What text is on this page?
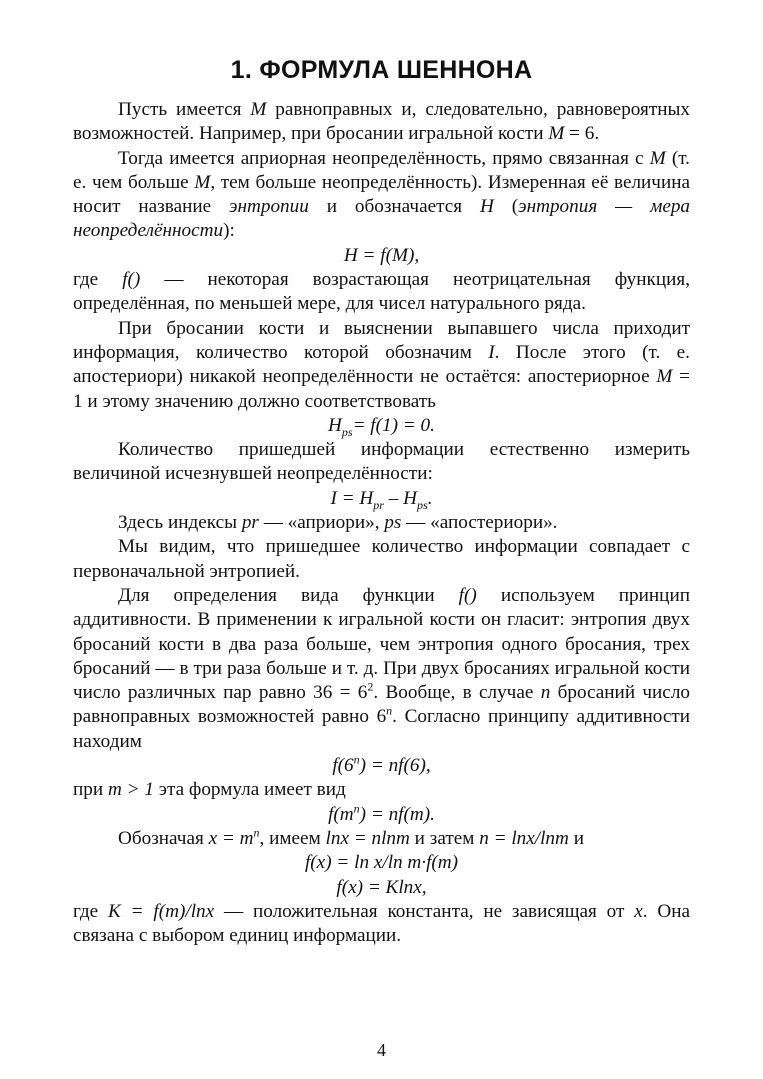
1. ФОРМУЛА ШЕННОНА

Пусть имеется M равноправных и, следовательно, равновероятных возможностей. Например, при бросании игральной кости M = 6.

Тогда имеется априорная неопределённость, прямо связанная с M (т. е. чем больше M, тем больше неопределённость). Измеренная её величина носит название энтропии и обозначается H (энтропия — мера неопределённости):

H = f(M),

где f() — некоторая возрастающая неотрицательная функция, определённая, по меньшей мере, для чисел натурального ряда.

При бросании кости и выяснении выпавшего числа приходит информация, количество которой обозначим I. После этого (т. е. апостериори) никакой неопределённости не остаётся: апостериорное M = 1 и этому значению должно соответствовать

$H_{ps}= f(1) = 0$.

Количество пришедшей информации естественно измерить величиной исчезнувшей неопределённости:

$I = H_{pr} - H_{ps}$.

Здесь индексы pr — «априори», ps — «апостериори».

Мы видим, что пришедшее количество информации совпадает с первоначальной энтропией.

Для определения вида функции f() используем принцип аддитивности. В применении к игральной кости он гласит: энтропия двух бросаний кости в два раза больше, чем энтропия одного бросания, трех бросаний — в три раза больше и т. д. При двух бросаниях игральной кости число различных пар равно $36 = 6^2$. Вообще, в случае n бросаний число равноправных возможностей равно 6$^n$. Согласно принципу аддитивности находим

$f(6^n) = nf(6)$,

при m > 1 эта формула имеет вид

$f(m^n) = nf(m)$.

Обозначая $x = m^n$, имеем lnx = nlnm и затем n = lnx/lnm и

f(x) = ln x/ln m·f(m)

f(x) = Klnx,

где K = f(m)/lnx — положительная константа, не зависящая от x. Она связана с выбором единиц информации.

4
